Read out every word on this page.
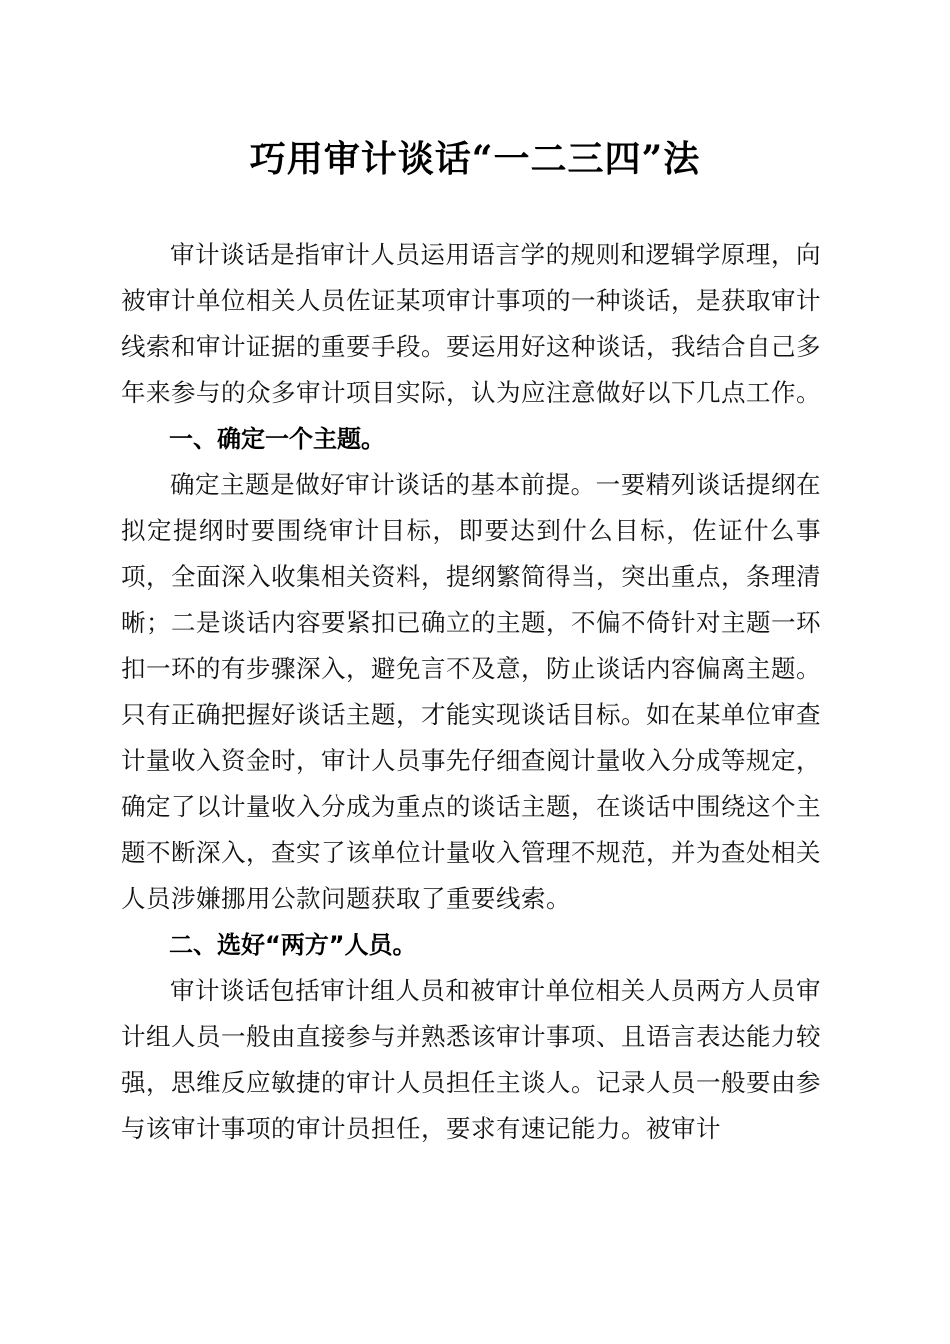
巧用审计谈话“一二三四”法

审计谈话是指审计人员运用语言学的规则和逻辑学原理，向被审计单位相关人员佐证某项审计事项的一种谈话，是获取审计线索和审计证据的重要手段。要运用好这种谈话，我结合自己多年来参与的众多审计项目实际，认为应注意做好以下几点工作。

一、确定一个主题。

确定主题是做好审计谈话的基本前提。一要精列谈话提纲在拟定提纲时要围绕审计目标，即要达到什么目标，佐证什么事项，全面深入收集相关资料，提纲繁简得当，突出重点，条理清晰；二是谈话内容要紧扣已确立的主题，不偏不倚针对主题一环扣一环的有步骤深入，避免言不及意，防止谈话内容偏离主题。只有正确把握好谈话主题，才能实现谈话目标。如在某单位审查计量收入资金时，审计人员事先仔细查阅计量收入分成等规定，确定了以计量收入分成为重点的谈话主题，在谈话中围绕这个主题不断深入，查实了该单位计量收入管理不规范，并为查处相关人员涉嫌挪用公款问题获取了重要线索。

二、选好“两方”人员。

审计谈话包括审计组人员和被审计单位相关人员两方人员审计组人员一般由直接参与并熟悉该审计事项、且语言表达能力较强，思维反应敏捷的审计人员担任主谈人。记录人员一般要由参与该审计事项的审计员担任，要求有速记能力。被审计
